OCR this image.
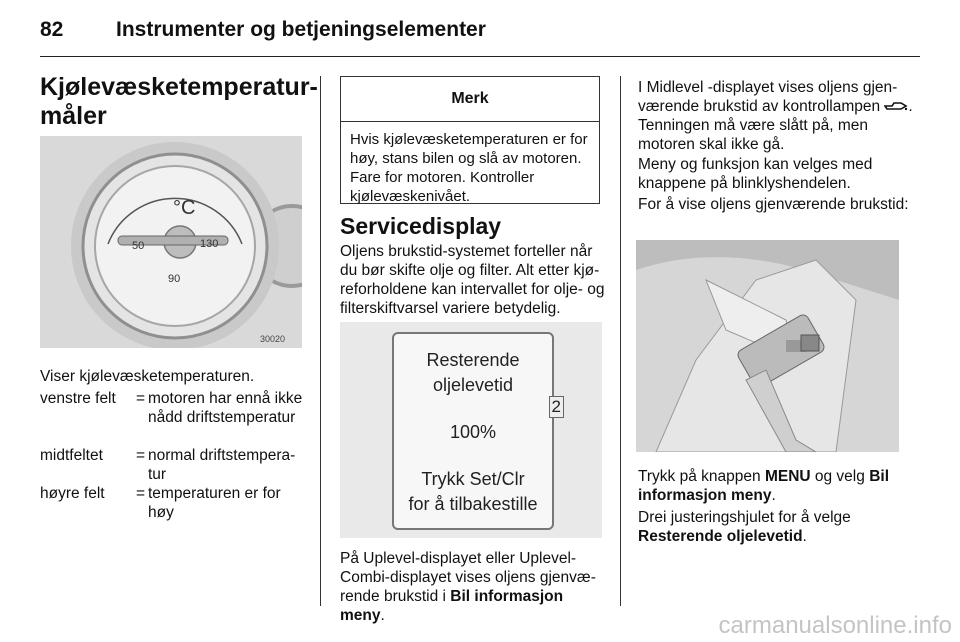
82	Instrumenter og betjeningselementer
Kjølevæsketemperatur-
måler
°C
50	130
90
30020
Viser kjølevæsketemperaturen.
venstre felt = motoren har ennå ikke nådd driftstemperatur
midtfeltet = normal driftstemperatur
høyre felt = temperaturen er for høy
Merk
Hvis kjølevæsketemperaturen er for høy, stans bilen og slå av motoren. Fare for motoren. Kontroller kjølevæskenivået.
Servicedisplay
Oljens brukstid-systemet forteller når du bør skifte olje og filter. Alt etter kjøreforholdene kan intervallet for olje- og filterskiftvarsel variere betydelig.
Resterende
oljelevetid
2
100%
Trykk Set/Clr
for å tilbakestille
På Uplevel-displayet eller Uplevel-Combi-displayet vises oljens gjenværende brukstid i Bil informasjon meny.
I Midlevel -displayet vises oljens gjenværende brukstid av kontrollampen . Tenningen må være slått på, men motoren skal ikke gå.
Meny og funksjon kan velges med knappene på blinklyshendelen.
For å vise oljens gjenværende brukstid:
Trykk på knappen MENU og velg Bil informasjon meny.
Drei justeringshjulet for å velge Resterende oljelevetid.
carmanualsonline.info
